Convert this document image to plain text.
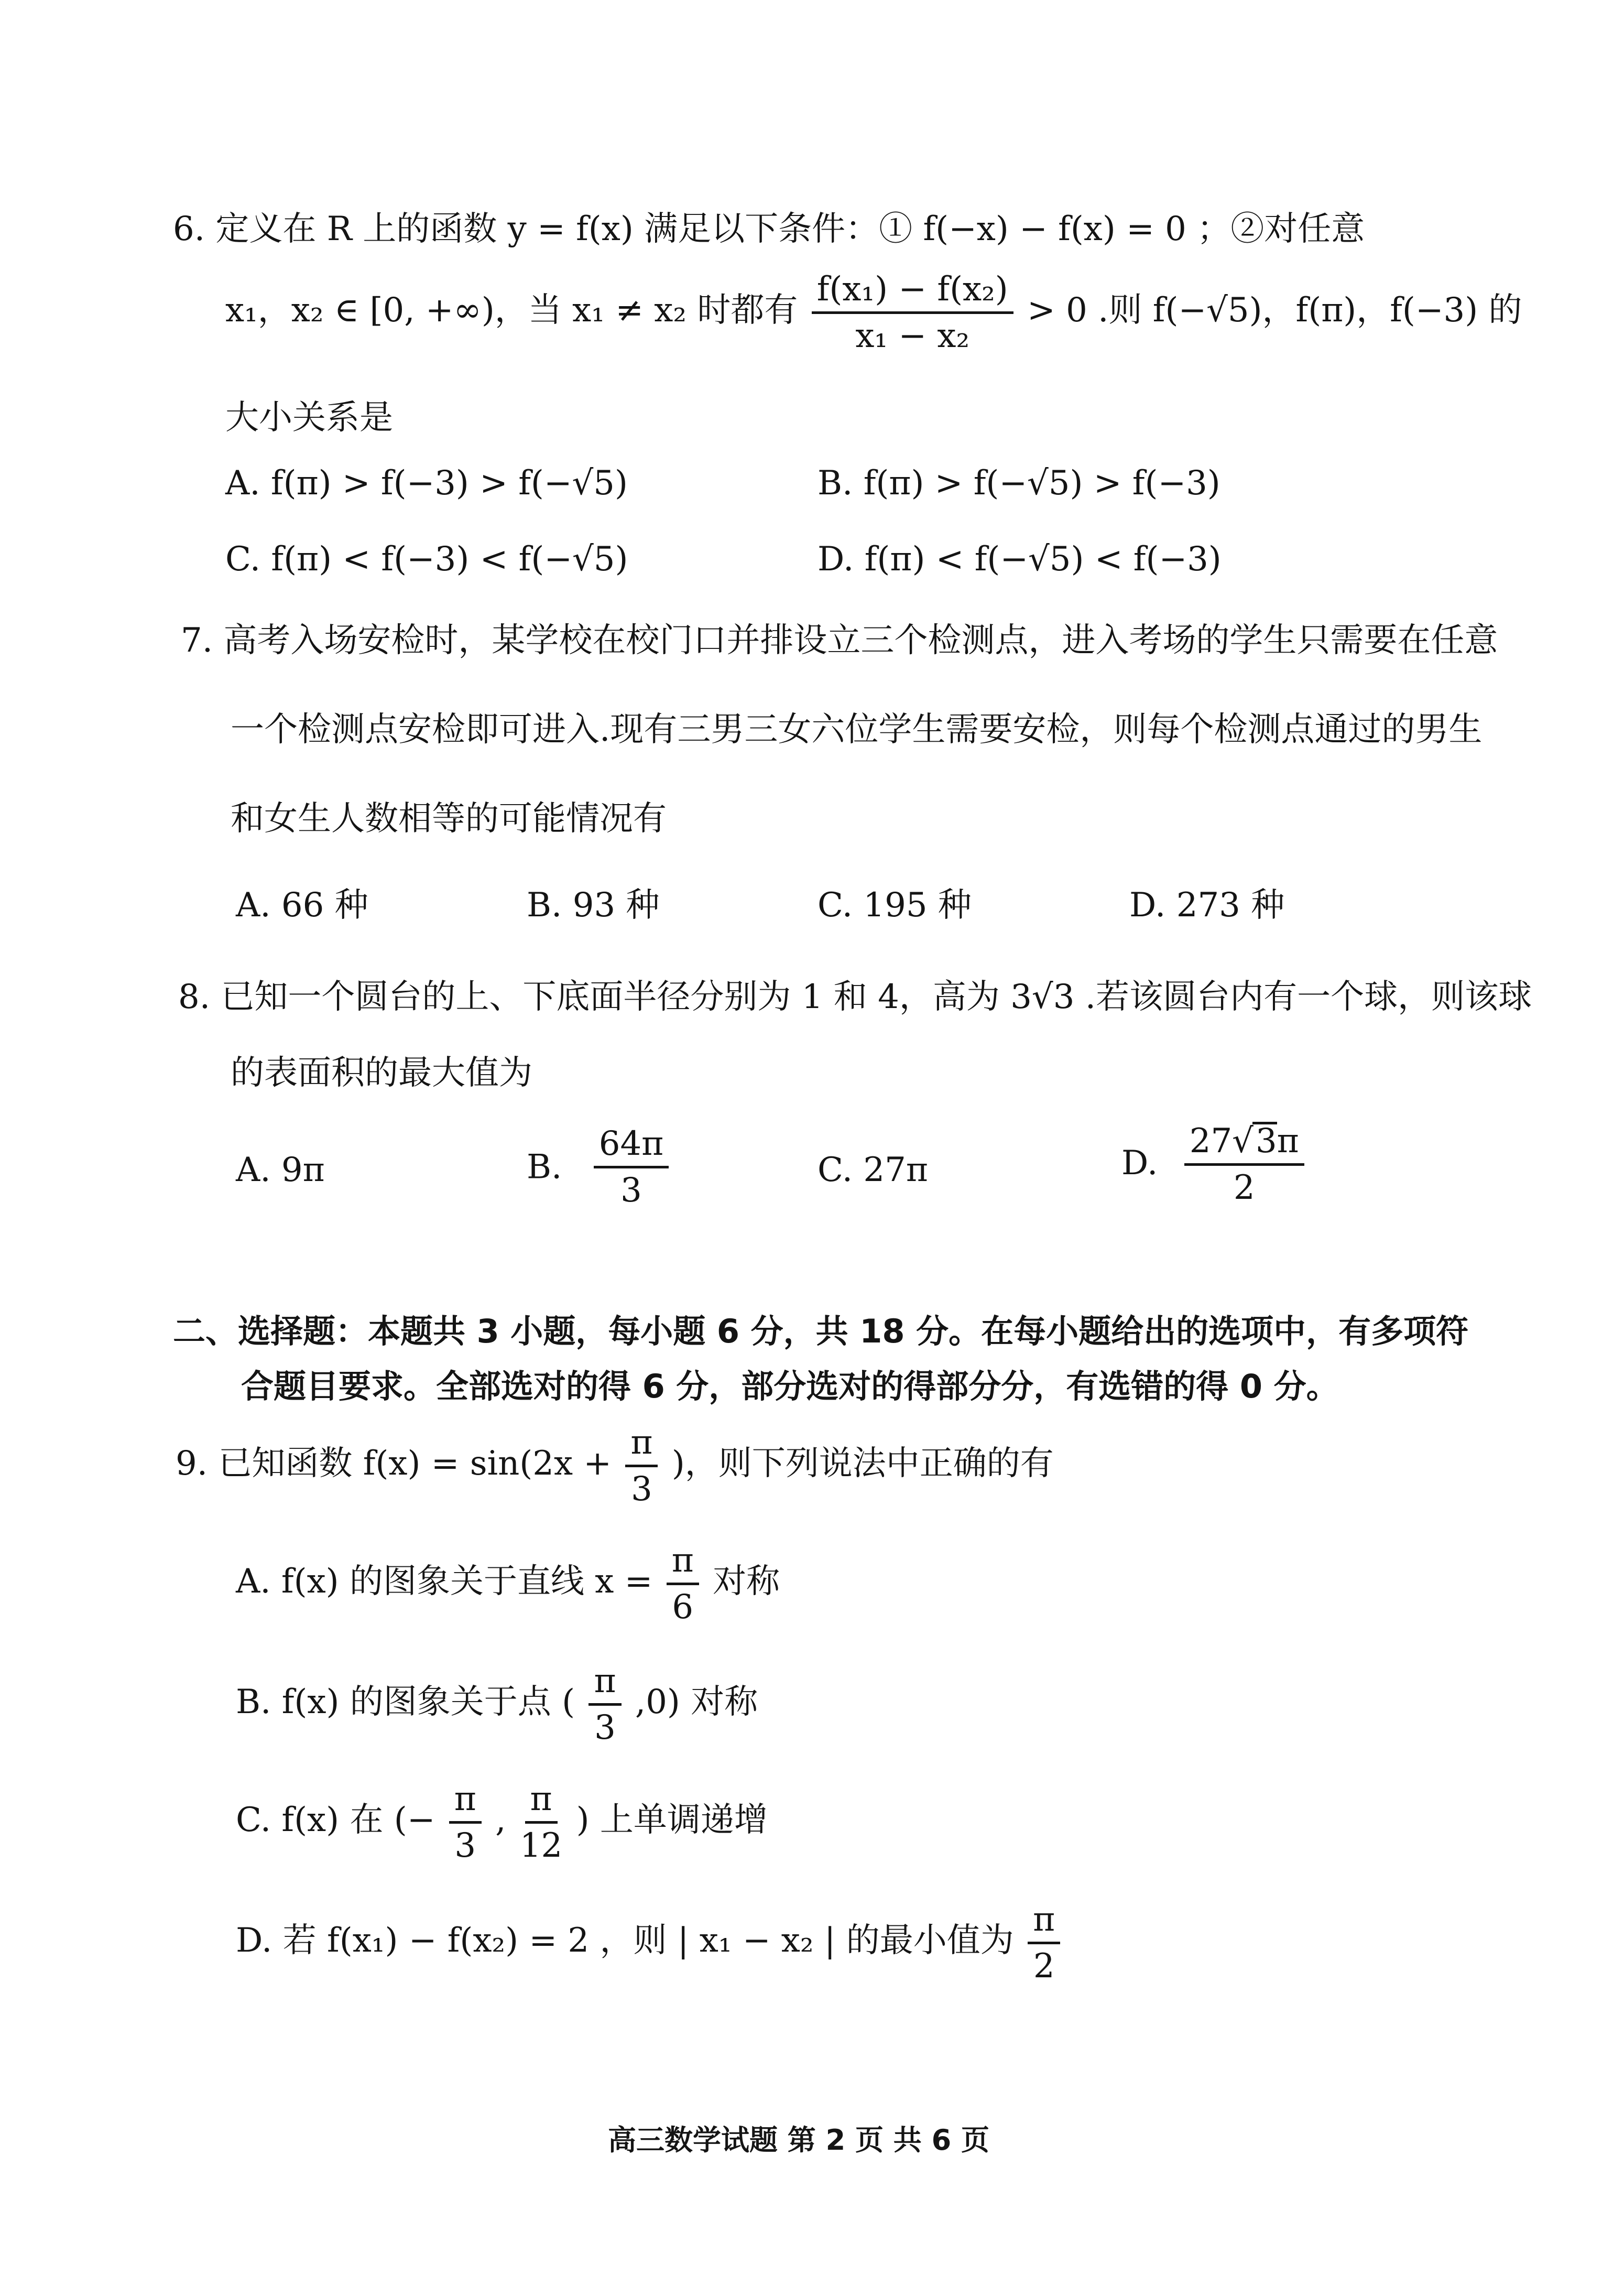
6. 定义在 R 上的函数 y = f(x) 满足以下条件：① f(−x) − f(x) = 0 ；②对任意
x₁，x₂ ∈ [0, +∞)，当 x₁ ≠ x₂ 时都有 $\frac{\text{f(x₁) − f(x₂)}}{\text{x₁ − x₂}} > 0$ .则 f(−√5)，f(π)，f(−3) 的
大小关系是
A. f(π) > f(−3) > f(−√5)	B. f(π) > f(−√5) > f(−3)
C. f(π) < f(−3) < f(−√5)	D. f(π) < f(−√5) < f(−3)
7. 高考入场安检时，某学校在校门口并排设立三个检测点，进入考场的学生只需要在任意
一个检测点安检即可进入.现有三男三女六位学生需要安检，则每个检测点通过的男生
和女生人数相等的可能情况有
A. 66 种	B. 93 种	C. 195 种	D. 273 种
8. 已知一个圆台的上、下底面半径分别为 1 和 4，高为 3√3 .若该圆台内有一个球，则该球
的表面积的最大值为
A. 9π	B. $\frac{64\pi}{3}$	C. 27π	D. $\frac{27√3\pi}{2}$
二、选择题：本题共 3 小题，每小题 6 分，共 18 分。在每小题给出的选项中，有多项符
合题目要求。全部选对的得 6 分，部分选对的得部分分，有选错的得 0 分。
9. 已知函数 $f(x) = \sin(2x + \frac{\pi}{3}$ )，则下列说法中正确的有
A. f(x) 的图象关于直线 $x = \frac{\pi}{6}$ 对称
B. f(x) 的图象关于点 ( $\frac{\pi}{3} ,0$) 对称
C. f(x) 在 (− $\frac{\pi}{3}$ , $\frac{\pi}{12}$ ) 上单调递增
D. 若 f(x₁) − f(x₂) = 2 ，则 | x₁ − x₂ | 的最小值为 $\frac{\pi}{2}$
高三数学试题 第 2 页 共 6 页
